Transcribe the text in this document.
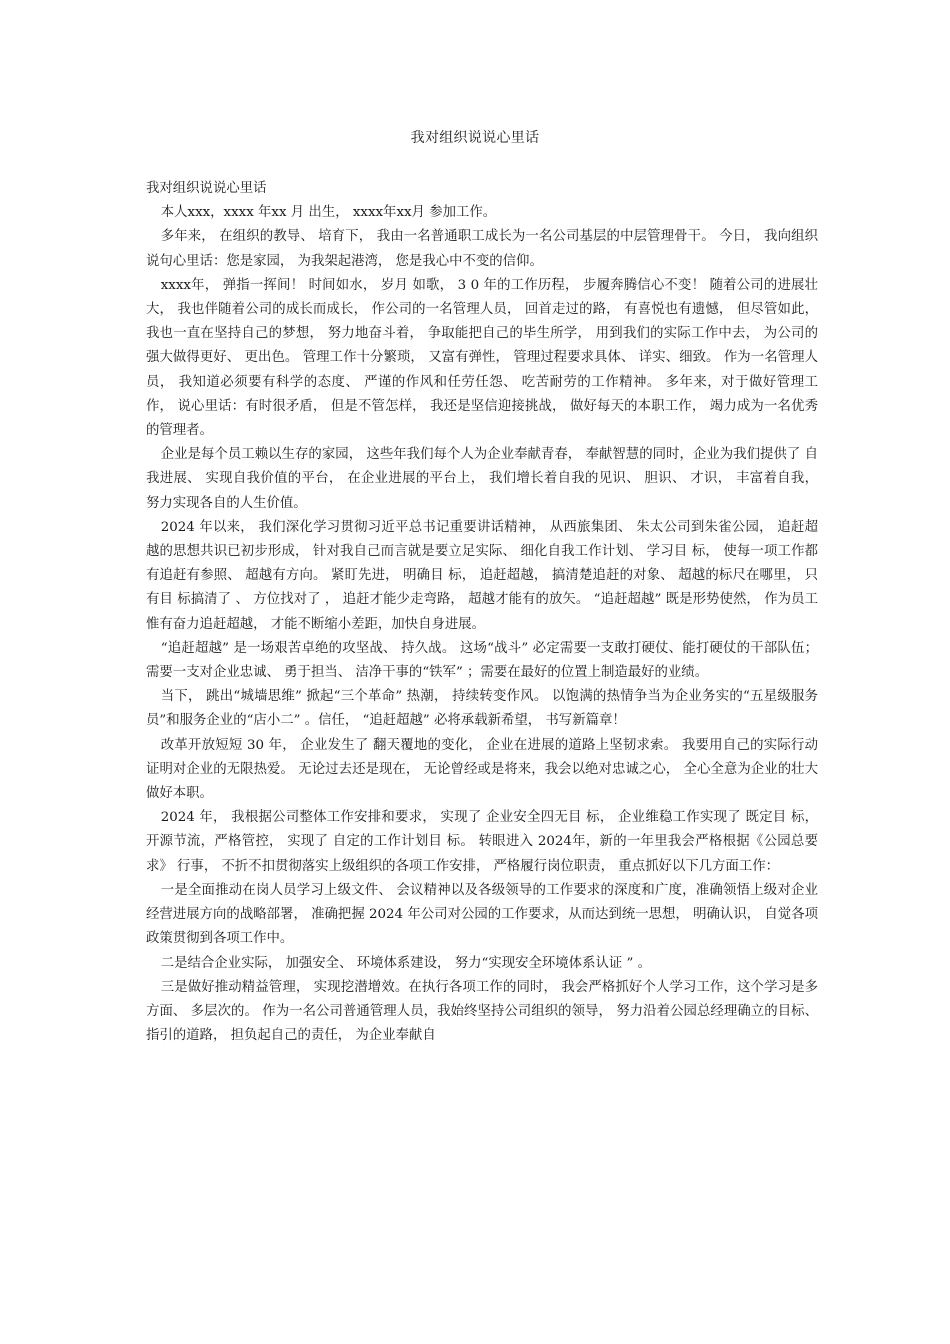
我对组织说说心里话

我对组织说说心里话

本人xxx，xxxx 年xx 月 出生， xxxx年xx月 参加工作。

多年来， 在组织的教导、 培育下， 我由一名普通职工成长为一名公司基层的中层管理骨干。 今日， 我向组织说句心里话：您是家园， 为我架起港湾， 您是我心中不变的信仰。

xxxx年， 弹指一挥间！ 时间如水， 岁月 如歌， 3 0 年的工作历程， 步履奔腾信心不变！ 随着公司的进展壮大， 我也伴随着公司的成长而成长， 作公司的一名管理人员， 回首走过的路， 有喜悦也有遗憾， 但尽管如此， 我也一直在坚持自己的梦想， 努力地奋斗着， 争取能把自己的毕生所学， 用到我们的实际工作中去， 为公司的强大做得更好、 更出色。 管理工作十分繁琐， 又富有弹性， 管理过程要求具体、 详实、细致。 作为一名管理人员， 我知道必须要有科学的态度、 严谨的作风和任劳任怨、 吃苦耐劳的工作精神。 多年来，对于做好管理工作， 说心里话：有时很矛盾， 但是不管怎样， 我还是坚信迎接挑战， 做好每天的本职工作， 竭力成为一名优秀的管理者。

企业是每个员工赖以生存的家园， 这些年我们每个人为企业奉献青春， 奉献智慧的同时，企业为我们提供了 自我进展、 实现自我价值的平台， 在企业进展的平台上， 我们增长着自我的见识、 胆识、 才识， 丰富着自我， 努力实现各自的人生价值。

2024 年以来， 我们深化学习贯彻习近平总书记重要讲话精神， 从西旅集团、 朱太公司到朱雀公园， 追赶超越的思想共识已初步形成， 针对我自己而言就是要立足实际、 细化自我工作计划、 学习目 标， 使每一项工作都有追赶有参照、 超越有方向。 紧盯先进， 明确目 标， 追赶超越， 搞清楚追赶的对象、 超越的标尺在哪里， 只有目 标搞清了 、 方位找对了 ， 追赶才能少走弯路， 超越才能有的放矢。 “追赶超越” 既是形势使然， 作为员工惟有奋力追赶超越， 才能不断缩小差距，加快自身进展。

“追赶超越” 是一场艰苦卓绝的攻坚战、 持久战。 这场“战斗” 必定需要一支敢打硬仗、能打硬仗的干部队伍；需要一支对企业忠诚、 勇于担当、 洁净干事的“铁军” ；需要在最好的位置上制造最好的业绩。

当下， 跳出“城墙思维” 掀起“三个革命” 热潮， 持续转变作风。 以饱满的热情争当为企业务实的“五星级服务员”和服务企业的“店小二” 。信任， “追赶超越” 必将承载新希望， 书写新篇章！

改革开放短短 30 年， 企业发生了 翻天覆地的变化， 企业在进展的道路上坚韧求索。 我要用自己的实际行动证明对企业的无限热爱。 无论过去还是现在， 无论曾经或是将来，我会以绝对忠诚之心， 全心全意为企业的壮大做好本职。

2024 年， 我根据公司整体工作安排和要求， 实现了 企业安全四无目 标， 企业维稳工作实现了 既定目 标， 开源节流，严格管控， 实现了 自定的工作计划目 标。 转眼进入 2024年，新的一年里我会严格根据《公园总要求》 行事， 不折不扣贯彻落实上级组织的各项工作安排， 严格履行岗位职责， 重点抓好以下几方面工作：

一是全面推动在岗人员学习上级文件、 会议精神以及各级领导的工作要求的深度和广度，准确领悟上级对企业经营进展方向的战略部署， 准确把握 2024 年公司对公园的工作要求，从而达到统一思想， 明确认识， 自觉各项政策贯彻到各项工作中。

二是结合企业实际， 加强安全、 环境体系建设， 努力“实现安全环境体系认证 ” 。

三是做好推动精益管理， 实现挖潜增效。在执行各项工作的同时， 我会严格抓好个人学习工作，这个学习是多方面、 多层次的。 作为一名公司普通管理人员，我始终坚持公司组织的领导， 努力沿着公园总经理确立的目标、 指引的道路， 担负起自己的责任， 为企业奉献自
